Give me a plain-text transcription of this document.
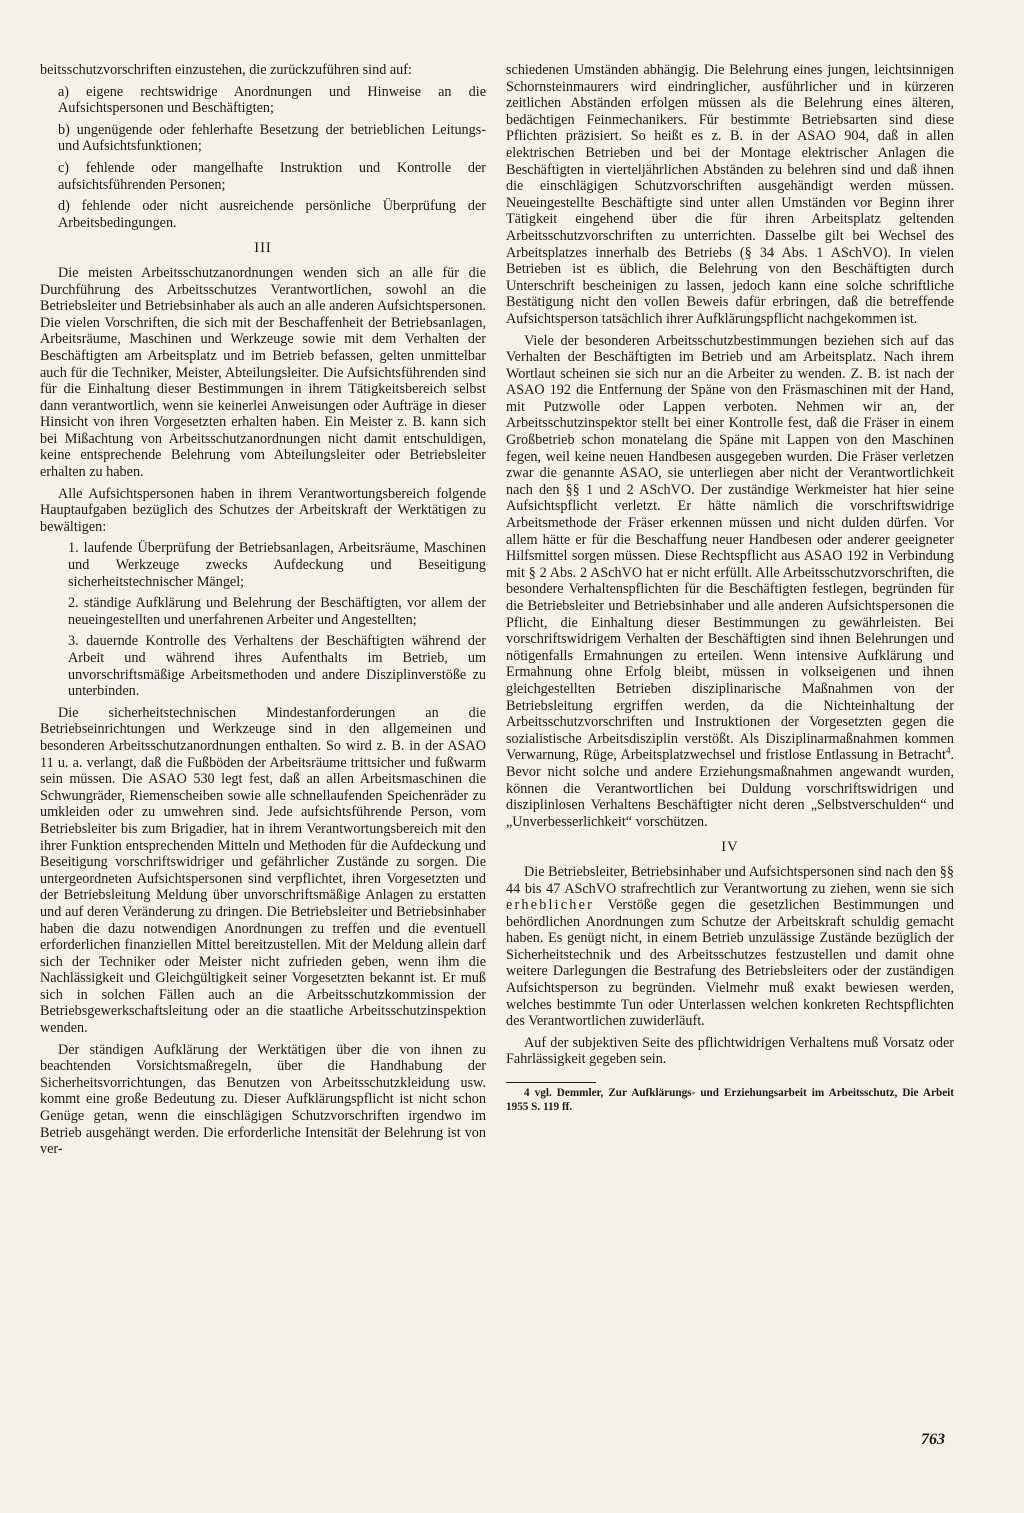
beitsschutzvorschriften einzustehen, die zurückzuführen sind auf:

a) eigene rechtswidrige Anordnungen und Hinweise an die Aufsichtspersonen und Beschäftigten;

b) ungenügende oder fehlerhafte Besetzung der betrieblichen Leitungs- und Aufsichtsfunktionen;

c) fehlende oder mangelhafte Instruktion und Kontrolle der aufsichtsführenden Personen;

d) fehlende oder nicht ausreichende persönliche Überprüfung der Arbeitsbedingungen.

III

Die meisten Arbeitsschutzanordnungen wenden sich an alle für die Durchführung des Arbeitsschutzes Verantwortlichen, sowohl an die Betriebsleiter und Betriebsinhaber als auch an alle anderen Aufsichtspersonen. Die vielen Vorschriften, die sich mit der Beschaffenheit der Betriebsanlagen, Arbeitsräume, Maschinen und Werkzeuge sowie mit dem Verhalten der Beschäftigten am Arbeitsplatz und im Betrieb befassen, gelten unmittelbar auch für die Techniker, Meister, Abteilungsleiter. Die Aufsichtsführenden sind für die Einhaltung dieser Bestimmungen in ihrem Tätigkeitsbereich selbst dann verantwortlich, wenn sie keinerlei Anweisungen oder Aufträge in dieser Hinsicht von ihren Vorgesetzten erhalten haben. Ein Meister z. B. kann sich bei Mißachtung von Arbeitsschutzanordnungen nicht damit entschuldigen, keine entsprechende Belehrung vom Abteilungsleiter oder Betriebsleiter erhalten zu haben.

Alle Aufsichtspersonen haben in ihrem Verantwortungsbereich folgende Hauptaufgaben bezüglich des Schutzes der Arbeitskraft der Werktätigen zu bewältigen:

1. laufende Überprüfung der Betriebsanlagen, Arbeitsräume, Maschinen und Werkzeuge zwecks Aufdeckung und Beseitigung sicherheitstechnischer Mängel;

2. ständige Aufklärung und Belehrung der Beschäftigten, vor allem der neueingestellten und unerfahrenen Arbeiter und Angestellten;

3. dauernde Kontrolle des Verhaltens der Beschäftigten während der Arbeit und während ihres Aufenthalts im Betrieb, um unvorschriftsmäßige Arbeitsmethoden und andere Disziplinverstöße zu unterbinden.

Die sicherheitstechnischen Mindestanforderungen an die Betriebseinrichtungen und Werkzeuge sind in den allgemeinen und besonderen Arbeitsschutzanordnungen enthalten. So wird z. B. in der ASAO 11 u. a. verlangt, daß die Fußböden der Arbeitsräume trittsicher und fußwarm sein müssen. Die ASAO 530 legt fest, daß an allen Arbeitsmaschinen die Schwungräder, Riemenscheiben sowie alle schnellaufenden Speichenräder zu umkleiden oder zu umwehren sind. Jede aufsichtsführende Person, vom Betriebsleiter bis zum Brigadier, hat in ihrem Verantwortungsbereich mit den ihrer Funktion entsprechenden Mitteln und Methoden für die Aufdeckung und Beseitigung vorschriftswidriger und gefährlicher Zustände zu sorgen. Die untergeordneten Aufsichtspersonen sind verpflichtet, ihren Vorgesetzten und der Betriebsleitung Meldung über unvorschriftsmäßige Anlagen zu erstatten und auf deren Veränderung zu dringen. Die Betriebsleiter und Betriebsinhaber haben die dazu notwendigen Anordnungen zu treffen und die eventuell erforderlichen finanziellen Mittel bereitzustellen. Mit der Meldung allein darf sich der Techniker oder Meister nicht zufrieden geben, wenn ihm die Nachlässigkeit und Gleichgültigkeit seiner Vorgesetzten bekannt ist. Er muß sich in solchen Fällen auch an die Arbeitsschutzkommission der Betriebsgewerkschaftsleitung oder an die staatliche Arbeitsschutzinspektion wenden.

Der ständigen Aufklärung der Werktätigen über die von ihnen zu beachtenden Vorsichtsmaßregeln, über die Handhabung der Sicherheitsvorrichtungen, das Benutzen von Arbeitsschutzkleidung usw. kommt eine große Bedeutung zu. Dieser Aufklärungspflicht ist nicht schon Genüge getan, wenn die einschlägigen Schutzvorschriften irgendwo im Betrieb ausgehängt werden. Die erforderliche Intensität der Belehrung ist von ver-

schiedenen Umständen abhängig. Die Belehrung eines jungen, leichtsinnigen Schornsteinmaurers wird eindringlicher, ausführlicher und in kürzeren zeitlichen Abständen erfolgen müssen als die Belehrung eines älteren, bedächtigen Feinmechanikers. Für bestimmte Betriebsarten sind diese Pflichten präzisiert. So heißt es z. B. in der ASAO 904, daß in allen elektrischen Betrieben und bei der Montage elektrischer Anlagen die Beschäftigten in vierteljährlichen Abständen zu belehren sind und daß ihnen die einschlägigen Schutzvorschriften ausgehändigt werden müssen. Neueingestellte Beschäftigte sind unter allen Umständen vor Beginn ihrer Tätigkeit eingehend über die für ihren Arbeitsplatz geltenden Arbeitsschutzvorschriften zu unterrichten. Dasselbe gilt bei Wechsel des Arbeitsplatzes innerhalb des Betriebs (§ 34 Abs. 1 ASchVO). In vielen Betrieben ist es üblich, die Belehrung von den Beschäftigten durch Unterschrift bescheinigen zu lassen, jedoch kann eine solche schriftliche Bestätigung nicht den vollen Beweis dafür erbringen, daß die betreffende Aufsichtsperson tatsächlich ihrer Aufklärungspflicht nachgekommen ist.

Viele der besonderen Arbeitsschutzbestimmungen beziehen sich auf das Verhalten der Beschäftigten im Betrieb und am Arbeitsplatz. Nach ihrem Wortlaut scheinen sie sich nur an die Arbeiter zu wenden. Z. B. ist nach der ASAO 192 die Entfernung der Späne von den Fräsmaschinen mit der Hand, mit Putzwolle oder Lappen verboten. Nehmen wir an, der Arbeitsschutzinspektor stellt bei einer Kontrolle fest, daß die Fräser in einem Großbetrieb schon monatelang die Späne mit Lappen von den Maschinen fegen, weil keine neuen Handbesen ausgegeben wurden. Die Fräser verletzen zwar die genannte ASAO, sie unterliegen aber nicht der Verantwortlichkeit nach den §§ 1 und 2 ASchVO. Der zuständige Werkmeister hat hier seine Aufsichtspflicht verletzt. Er hätte nämlich die vorschriftswidrige Arbeitsmethode der Fräser erkennen müssen und nicht dulden dürfen. Vor allem hätte er für die Beschaffung neuer Handbesen oder anderer geeigneter Hilfsmittel sorgen müssen. Diese Rechtspflicht aus ASAO 192 in Verbindung mit § 2 Abs. 2 ASchVO hat er nicht erfüllt. Alle Arbeitsschutzvorschriften, die besondere Verhaltenspflichten für die Beschäftigten festlegen, begründen für die Betriebsleiter und Betriebsinhaber und alle anderen Aufsichtspersonen die Pflicht, die Einhaltung dieser Bestimmungen zu gewährleisten. Bei vorschriftswidrigem Verhalten der Beschäftigten sind ihnen Belehrungen und nötigenfalls Ermahnungen zu erteilen. Wenn intensive Aufklärung und Ermahnung ohne Erfolg bleibt, müssen in volkseigenen und ihnen gleichgestellten Betrieben disziplinarische Maßnahmen von der Betriebsleitung ergriffen werden, da die Nichteinhaltung der Arbeitsschutzvorschriften und Instruktionen der Vorgesetzten gegen die sozialistische Arbeitsdisziplin verstößt. Als Disziplinarmaßnahmen kommen Verwarnung, Rüge, Arbeitsplatzwechsel und fristlose Entlassung in Betracht$^4$. Bevor nicht solche und andere Erziehungsmaßnahmen angewandt wurden, können die Verantwortlichen bei Duldung vorschriftswidrigen und disziplinlosen Verhaltens Beschäftigter nicht deren „Selbstverschulden“ und „Unverbesserlichkeit“ vorschützen.

IV

Die Betriebsleiter, Betriebsinhaber und Aufsichtspersonen sind nach den §§ 44 bis 47 ASchVO strafrechtlich zur Verantwortung zu ziehen, wenn sie sich erheblicher Verstöße gegen die gesetzlichen Bestimmungen und behördlichen Anordnungen zum Schutze der Arbeitskraft schuldig gemacht haben. Es genügt nicht, in einem Betrieb unzulässige Zustände bezüglich der Sicherheitstechnik und des Arbeitsschutzes festzustellen und damit ohne weitere Darlegungen die Bestrafung des Betriebsleiters oder der zuständigen Aufsichtsperson zu begründen. Vielmehr muß exakt bewiesen werden, welches bestimmte Tun oder Unterlassen welchen konkreten Rechtspflichten des Verantwortlichen zuwiderläuft.

Auf der subjektiven Seite des pflichtwidrigen Verhaltens muß Vorsatz oder Fahrlässigkeit gegeben sein.

4 vgl. Demmler, Zur Aufklärungs- und Erziehungsarbeit im Arbeitsschutz, Die Arbeit 1955 S. 119 ff.

763
